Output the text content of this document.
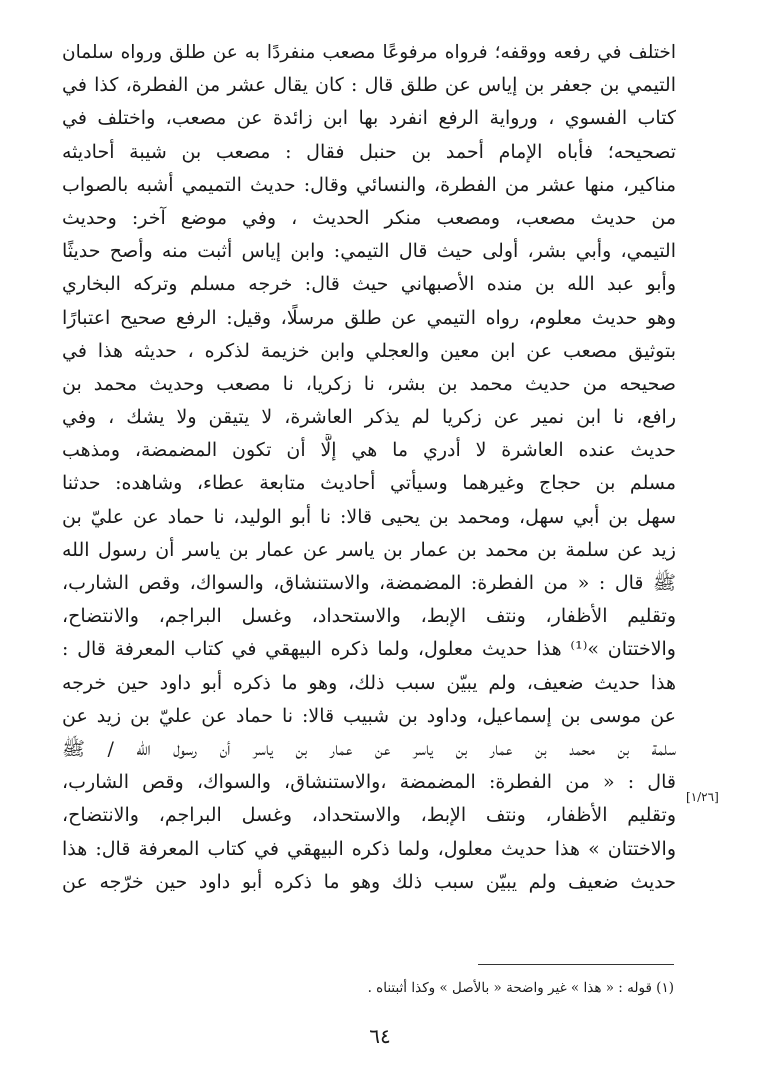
اختلف في رفعه ووقفه؛ فرواه مرفوعًا مصعب منفردًا به عن طلق ورواه سلمان
التيمي بن جعفر بن إياس عن طلق قال : كان يقال عشر من الفطرة، كذا في
كتاب الفسوي ، ورواية الرفع انفرد بها ابن زائدة عن مصعب، واختلف في
تصحيحه؛ فأباه الإمام أحمد بن حنبل فقال : مصعب بن شيبة أحاديثه
مناكير، منها عشر من الفطرة، والنسائي وقال: حديث التميمي أشبه بالصواب
من حديث مصعب، ومصعب منكر الحديث ، وفي موضع آخر: وحديث
التيمي، وأبي بشر، أولى حيث قال التيمي: وابن إياس أثبت منه وأصح حديثًا
وأبو عبد الله بن منده الأصبهاني حيث قال: خرجه مسلم وتركه البخاري
وهو حديث معلوم، رواه التيمي عن طلق مرسلًا، وقيل: الرفع صحيح اعتبارًا
بتوثيق مصعب عن ابن معين والعجلي وابن خزيمة لذكره ، حديثه هذا في
صحيحه من حديث محمد بن بشر، نا زكريا، نا مصعب وحديث محمد بن
رافع، نا ابن نمير عن زكريا لم يذكر العاشرة، لا يتيقن ولا يشك ، وفي
حديث عنده العاشرة لا أدري ما هي إلَّا أن تكون المضمضة، ومذهب
مسلم بن حجاج وغيرهما وسيأتي أحاديث متابعة عطاء، وشاهده: حدثنا
سهل بن أبي سهل، ومحمد بن يحيى قالا: نا أبو الوليد، نا حماد عن عليّ بن
زيد عن سلمة بن محمد بن عمار بن ياسر عن عمار بن ياسر أن رسول الله
ﷺ قال : « من الفطرة: المضمضة، والاستنشاق، والسواك، وقص الشارب،
وتقليم الأظفار، ونتف الإبط، والاستحداد، وغسل البراجم، والانتضاح،
والاختتان »⁽¹⁾ هذا حديث معلول، ولما ذكره البيهقي في كتاب المعرفة قال :
هذا حديث ضعيف، ولم يبيّن سبب ذلك، وهو ما ذكره أبو داود حين خرجه
عن موسى بن إسماعيل، وداود بن شبيب قالا: نا حماد عن عليّ بن زيد عن
سلمة بن محمد بن عمار بن ياسر عن عمار بن ياسر أن رسول الله / ﷺ
قال : « من الفطرة: المضمضة ،والاستنشاق، والسواك، وقص الشارب،
وتقليم الأظفار، ونتف الإبط، والاستحداد، وغسل البراجم، والانتضاح،
والاختتان » هذا حديث معلول، ولما ذكره البيهقي في كتاب المعرفة قال: هذا
حديث ضعيف ولم يبيّن سبب ذلك وهو ما ذكره أبو داود حين خرّجه عن
[١/٢٦]
(١) قوله : « هذا » غير واضحة « بالأصل » وكذا أثبتناه .
٦٤
